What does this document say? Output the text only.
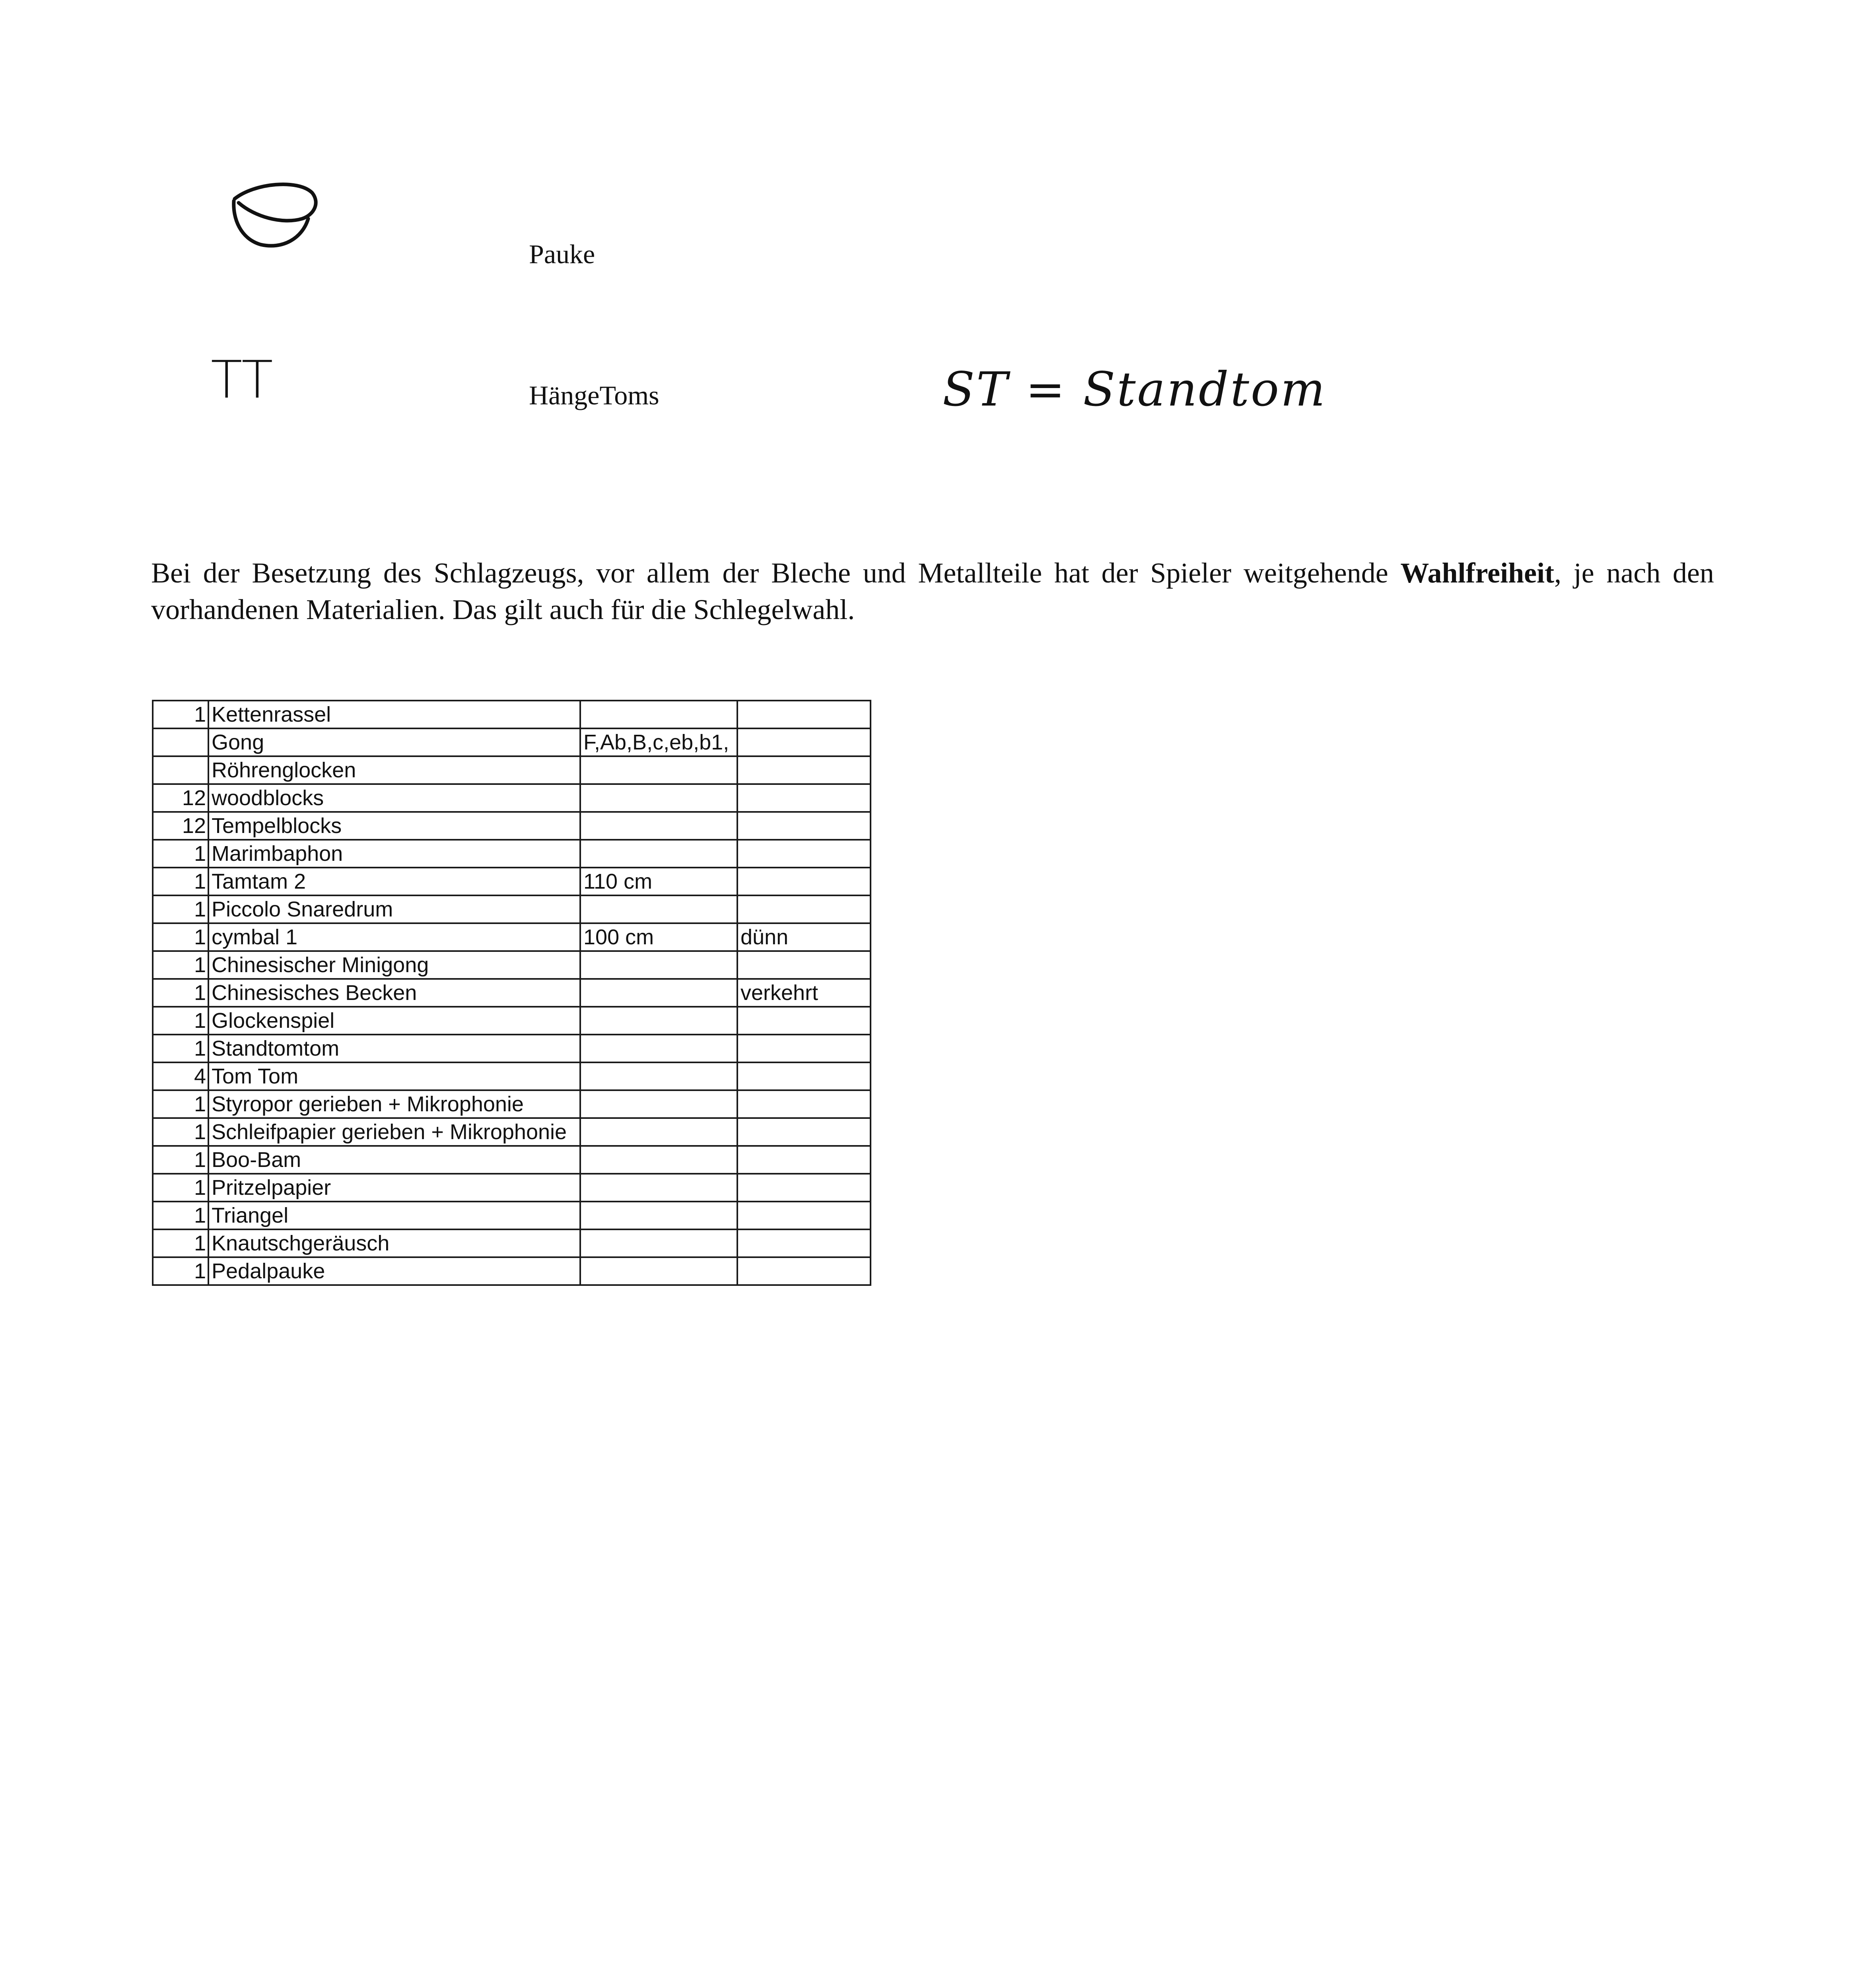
Pauke
TT	HängeToms	ST = Standtom
Bei der Besetzung des Schlagzeugs, vor allem der Bleche und Metallteile hat der Spieler weitgehende Wahlfreiheit, je nach den vorhandenen Materialien. Das gilt auch für die Schlegelwahl.
1	Kettenrassel		
	Gong	F,Ab,B,c,eb,b1,	
	Röhrenglocken		
12	woodblocks		
12	Tempelblocks		
1	Marimbaphon		
1	Tamtam 2	110 cm	
1	Piccolo Snaredrum		
1	cymbal 1	100 cm	dünn
1	Chinesischer Minigong		
1	Chinesisches Becken		verkehrt
1	Glockenspiel		
1	Standtomtom		
4	Tom Tom		
1	Styropor gerieben + Mikrophonie		
1	Schleifpapier gerieben + Mikrophonie		
1	Boo-Bam		
1	Pritzelpapier		
1	Triangel		
1	Knautschgeräusch		
1	Pedalpauke		
